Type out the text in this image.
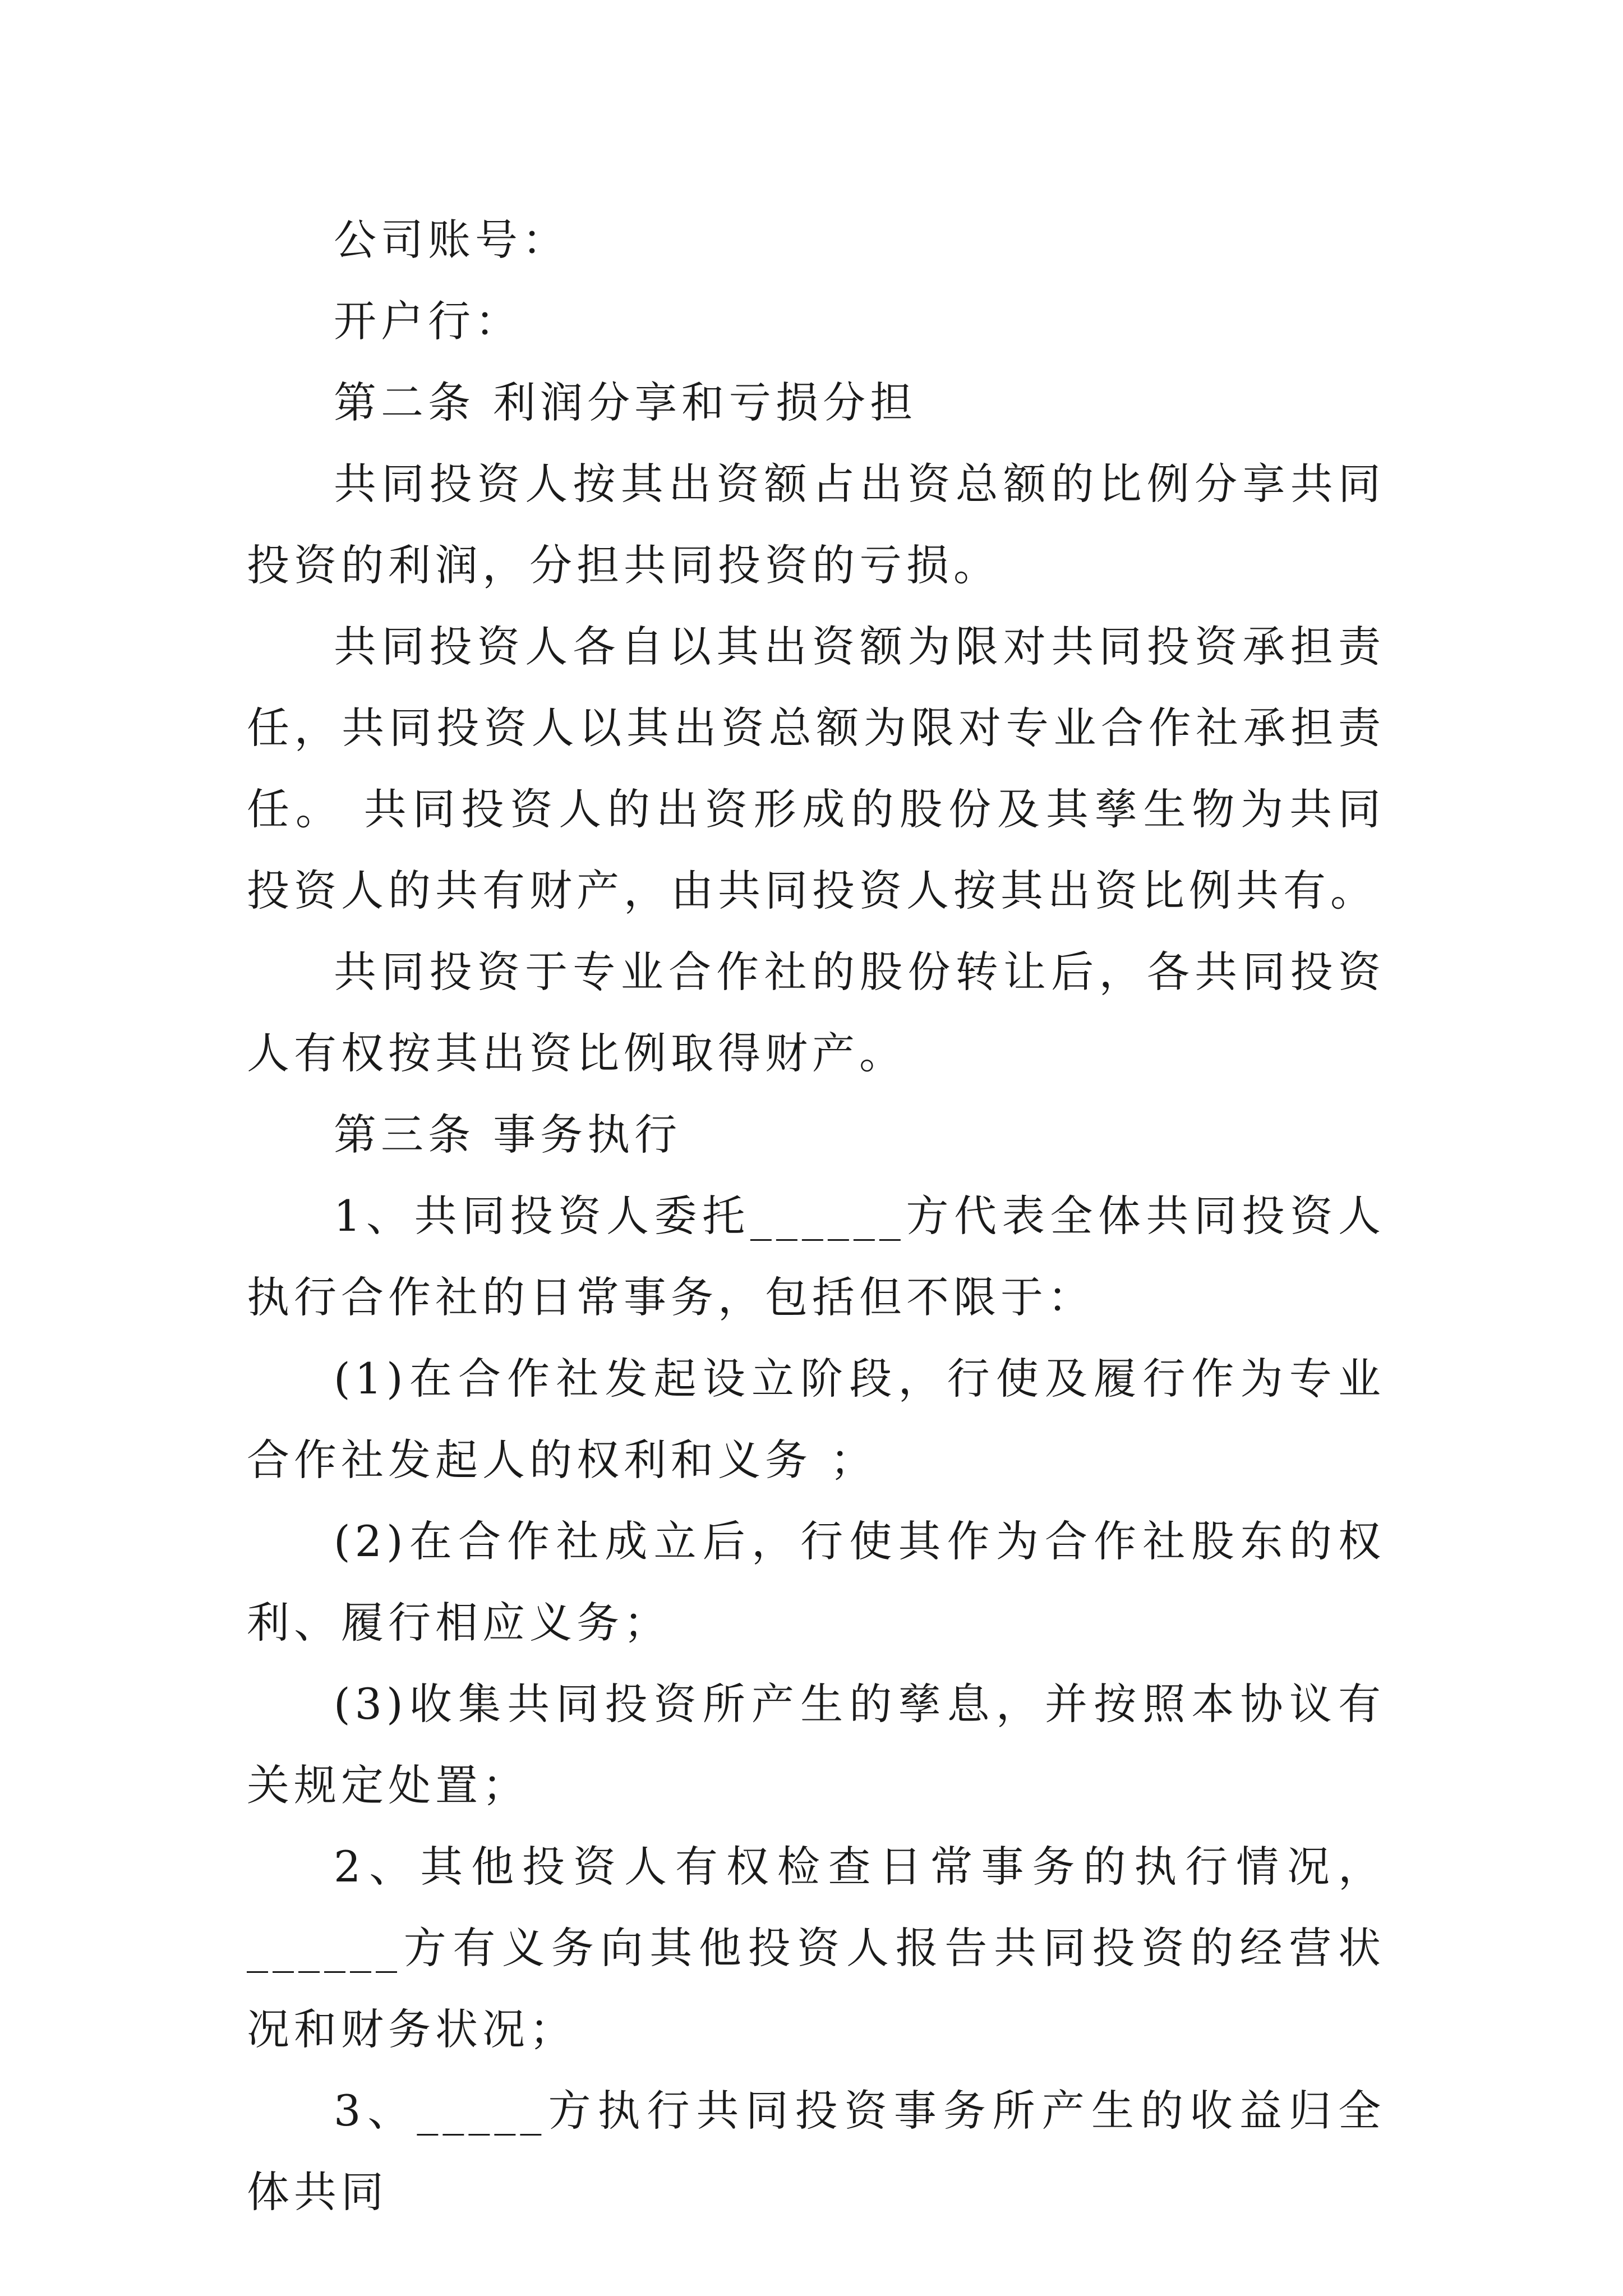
公司账号：

开户行：

第二条 利润分享和亏损分担

共同投资人按其出资额占出资总额的比例分享共同投资的利润，分担共同投资的亏损。

共同投资人各自以其出资额为限对共同投资承担责任，共同投资人以其出资总额为限对专业合作社承担责任。 共同投资人的出资形成的股份及其孳生物为共同投资人的共有财产，由共同投资人按其出资比例共有。

共同投资于专业合作社的股份转让后，各共同投资人有权按其出资比例取得财产。

第三条 事务执行

1、共同投资人委托______方代表全体共同投资人执行合作社的日常事务，包括但不限于：

(1)在合作社发起设立阶段，行使及履行作为专业合作社发起人的权利和义务 ；

(2)在合作社成立后，行使其作为合作社股东的权利、履行相应义务；

(3)收集共同投资所产生的孳息，并按照本协议有关规定处置；

2、其他投资人有权检查日常事务的执行情况，______方有义务向其他投资人报告共同投资的经营状况和财务状况；

3、_____方执行共同投资事务所产生的收益归全体共同
